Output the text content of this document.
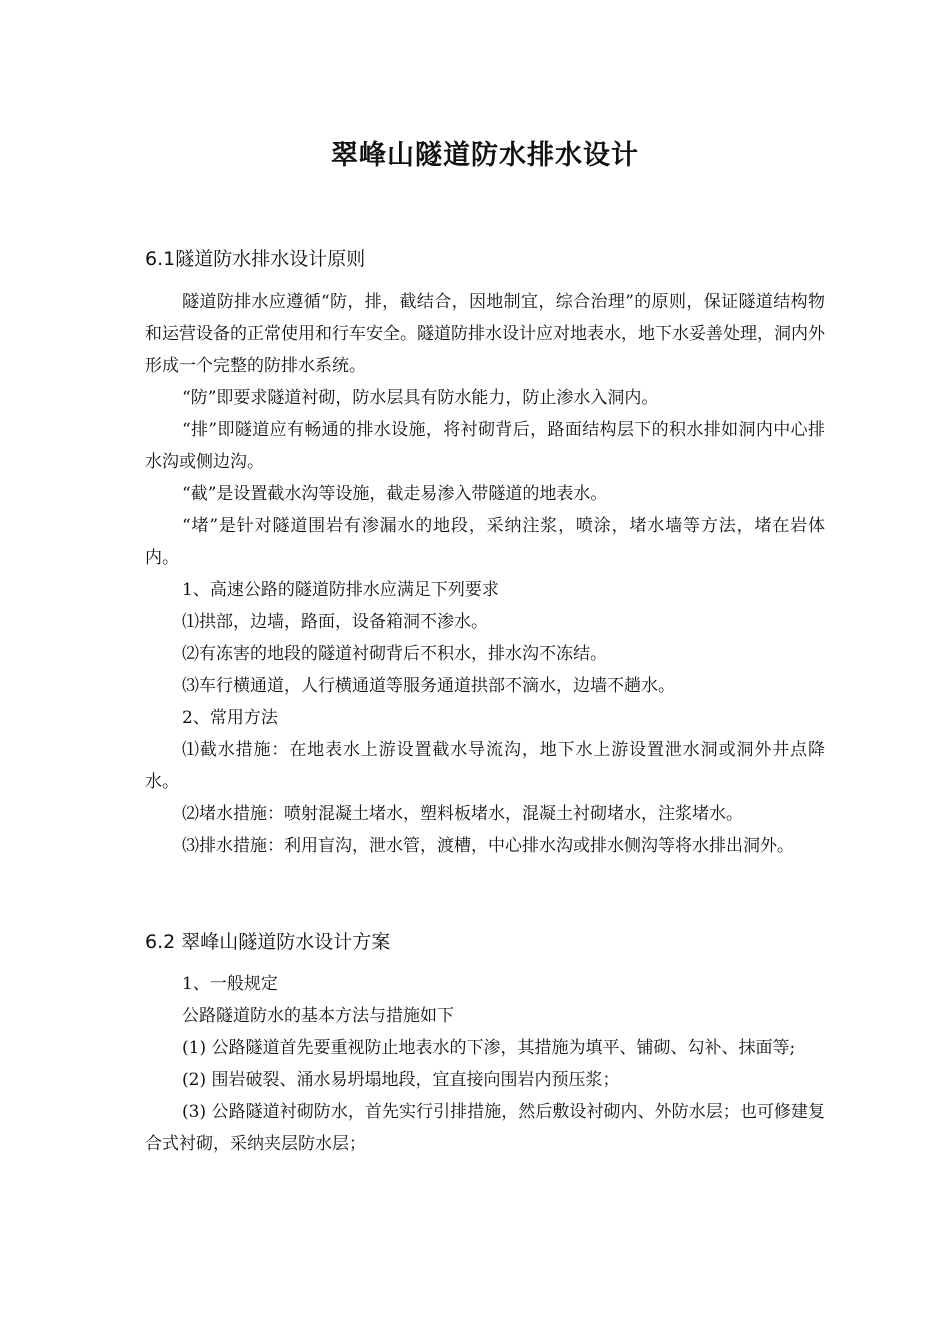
翠峰山隧道防水排水设计
6.1隧道防水排水设计原则

隧道防排水应遵循“防，排，截结合，因地制宜，综合治理”的原则，保证隧道结构物和运营设备的正常使用和行车安全。隧道防排水设计应对地表水，地下水妥善处理，洞内外形成一个完整的防排水系统。

“防”即要求隧道衬砌，防水层具有防水能力，防止渗水入洞内。

“排”即隧道应有畅通的排水设施，将衬砌背后，路面结构层下的积水排如洞内中心排水沟或侧边沟。

“截”是设置截水沟等设施，截走易渗入带隧道的地表水。

“堵”是针对隧道围岩有渗漏水的地段，采纳注浆，喷涂，堵水墙等方法，堵在岩体内。

1、高速公路的隧道防排水应满足下列要求

⑴拱部，边墙，路面，设备箱洞不渗水。

⑵有冻害的地段的隧道衬砌背后不积水，排水沟不冻结。

⑶车行横通道，人行横通道等服务通道拱部不滴水，边墙不趟水。

2、常用方法

⑴截水措施：在地表水上游设置截水导流沟，地下水上游设置泄水洞或洞外井点降水。

⑵堵水措施：喷射混凝土堵水，塑料板堵水，混凝土衬砌堵水，注浆堵水。

⑶排水措施：利用盲沟，泄水管，渡槽，中心排水沟或排水侧沟等将水排出洞外。

6.2 翠峰山隧道防水设计方案

1、一般规定

公路隧道防水的基本方法与措施如下

(1) 公路隧道首先要重视防止地表水的下渗，其措施为填平、铺砌、勾补、抹面等;

(2) 围岩破裂、涌水易坍塌地段，宜直接向围岩内预压浆；

(3) 公路隧道衬砌防水，首先实行引排措施，然后敷设衬砌内、外防水层；也可修建复合式衬砌，采纳夹层防水层；
